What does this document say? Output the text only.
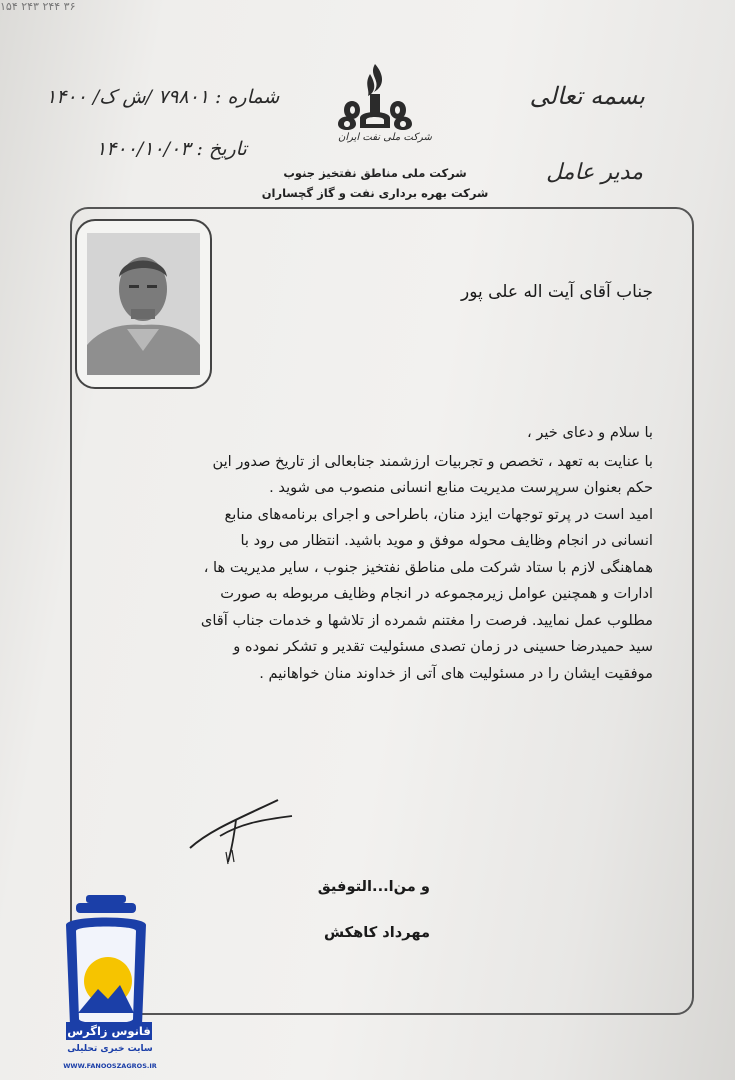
۱۵۴ ۲۴۳ ۲۴۴ ۳۶
بسمه تعالی
مدیر عامل
شماره : ۷۹۸۰۱ /ش ک/ ۱۴۰۰
تاریخ : ۱۴۰۰/۱۰/۰۳
شرکت ملی نفت ایران
شرکت ملی مناطق نفتخیز جنوب
شرکت بهره برداری نفت و گاز گچساران
جناب آقای آیت اله علی پور

با سلام و دعای خیر ،

با عنایت به تعهد ، تخصص و تجربیات ارزشمند جنابعالی از تاریخ صدور این

حکم بعنوان سرپرست مدیریت منابع انسانی منصوب می شوید .

امید است در پرتو توجهات ایزد منان، باطراحی و اجرای برنامه‌های منابع

انسانی در انجام وظایف محوله موفق و موید باشید. انتظار می رود با

هماهنگی لازم با ستاد شرکت ملی مناطق نفتخیز جنوب ، سایر مدیریت ها ،

ادارات و همچنین عوامل زیرمجموعه در انجام وظایف مربوطه به صورت

مطلوب عمل نمایید. فرصت را مغتنم شمرده از تلاشها و خدمات جناب آقای

سید حمیدرضا حسینی در زمان تصدی مسئولیت تقدیر و تشکر نموده و

موفقیت ایشان را در مسئولیت های آتی از خداوند منان خواهانیم .

و من‌ا...التوفیق
مهرداد کاهکش
فانوس زاگرس
سایت خبری تحلیلی
WWW.FANOOSZAGROS.IR
